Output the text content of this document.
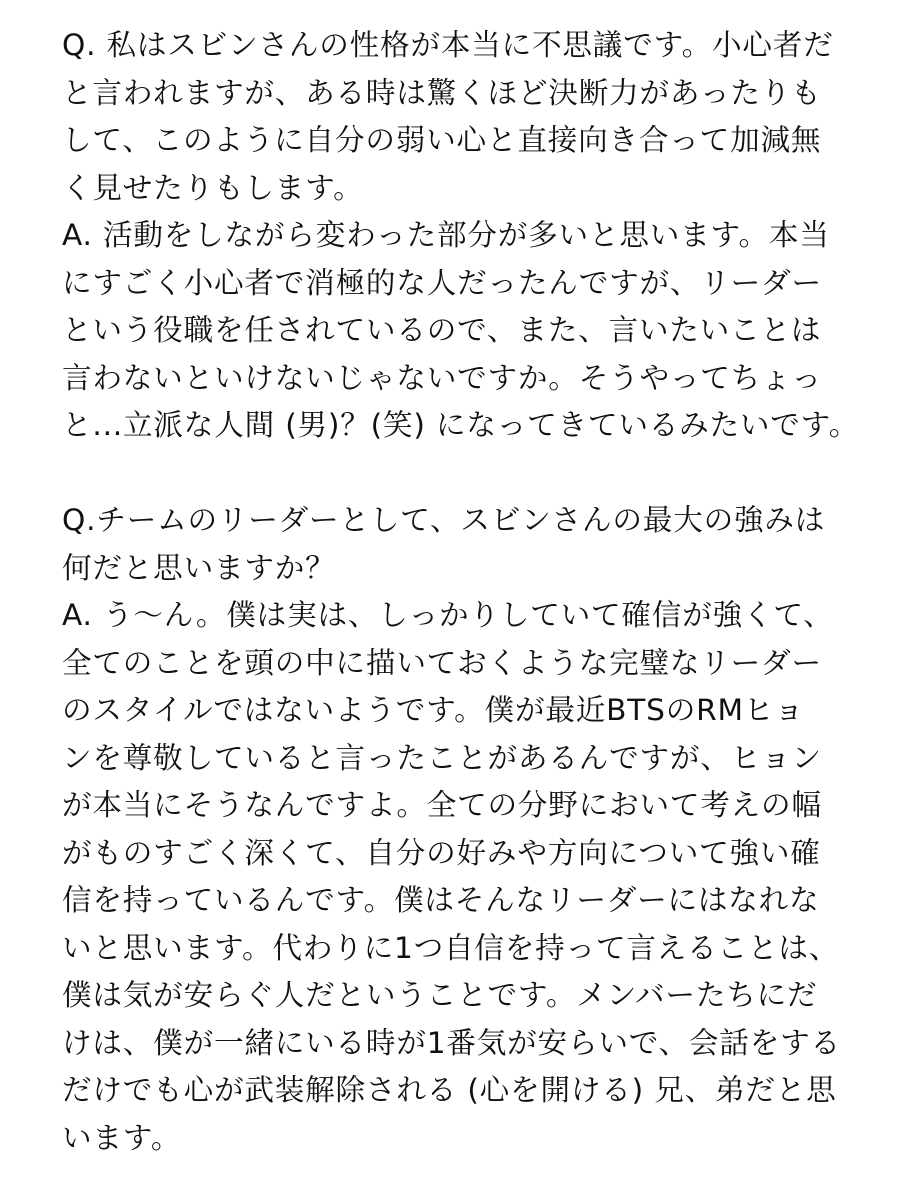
Q. 私はスビンさんの性格が本当に不思議です。小心者だ
と言われますが、ある時は驚くほど決断力があったりも
して、このように自分の弱い心と直接向き合って加減無
く見せたりもします。
A. 活動をしながら変わった部分が多いと思います。本当
にすごく小心者で消極的な人だったんですが、リーダー
という役職を任されているので、また、言いたいことは
言わないといけないじゃないですか。そうやってちょっ
と...立派な人間 (男)？(笑) になってきているみたいです。
Q.チームのリーダーとして、スビンさんの最大の強みは
何だと思いますか？
A. う〜ん。僕は実は、しっかりしていて確信が強くて、
全てのことを頭の中に描いておくような完璧なリーダー
のスタイルではないようです。僕が最近BTSのRMヒョ
ンを尊敬していると言ったことがあるんですが、ヒョン
が本当にそうなんですよ。全ての分野において考えの幅
がものすごく深くて、自分の好みや方向について強い確
信を持っているんです。僕はそんなリーダーにはなれな
いと思います。代わりに1つ自信を持って言えることは、
僕は気が安らぐ人だということです。メンバーたちにだ
けは、僕が一緒にいる時が1番気が安らいで、会話をする
だけでも心が武装解除される (心を開ける) 兄、弟だと思
います。
